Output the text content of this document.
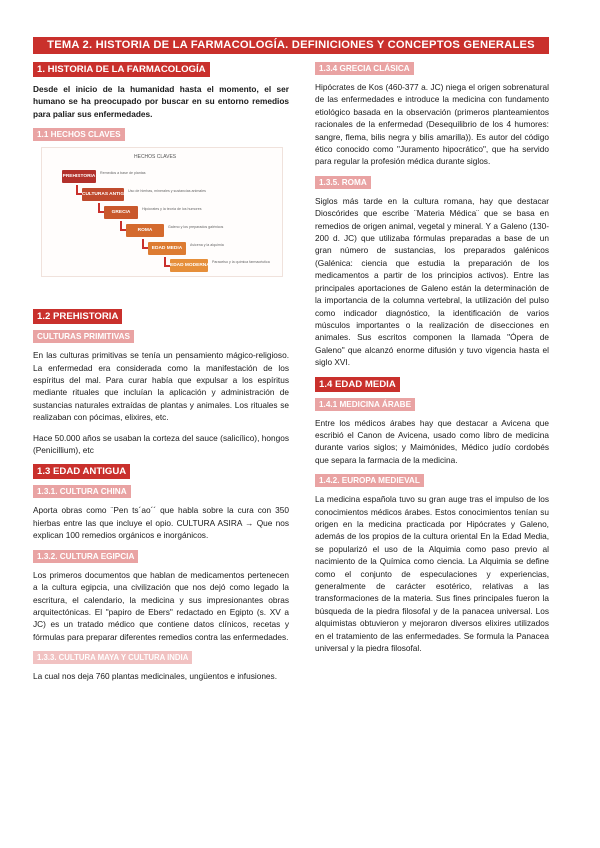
TEMA 2. HISTORIA DE LA FARMACOLOGÍA. DEFINICIONES Y CONCEPTOS GENERALES
1. HISTORIA DE LA FARMACOLOGÍA

Desde el inicio de la humanidad hasta el momento, el ser humano se ha preocupado por buscar en su entorno remedios para paliar sus enfermedades.

1.1 HECHOS CLAVES
HECHOS CLAVES
PREHISTORIA
Remedios a base de plantas
CULTURAS ANTIGUAS
Uso de hierbas, minerales y sustancias animales
GRECIA
Hipócrates y la teoría de los humores
ROMA
Galeno y los preparados galénicos
EDAD MEDIA
Avicena y la alquimia
EDAD MODERNA
Paracelso y la química farmacéutica
1.2 PREHISTORIA
CULTURAS PRIMITIVAS

En las culturas primitivas se tenía un pensamiento mágico-religioso. La enfermedad era considerada como la manifestación de los espíritus del mal. Para curar había que expulsar a los espíritus mediante rituales que incluían la aplicación y administración de sustancias naturales extraídas de plantas y animales. Los rituales se realizaban con pócimas, elixires, etc.

Hace 50.000 años se usaban la corteza del sauce (salicílico), hongos (Penicillium), etc

1.3 EDAD ANTIGUA
1.3.1. CULTURA CHINA

Aporta obras como ¨Pen ts´ao´´ que habla sobre la cura con 350 hierbas entre las que incluye el opio. CULTURA ASIRA → Que nos explican 100 remedios orgánicos e inorgánicos.

1.3.2. CULTURA EGIPCIA

Los primeros documentos que hablan de medicamentos pertenecen a la cultura egipcia, una civilización que nos dejó como legado la escritura, el calendario, la medicina y sus impresionantes obras arquitectónicas. El "papiro de Ebers" redactado en Egipto (s. XV a JC) es un tratado médico que contiene datos clínicos, recetas y fórmulas para preparar diferentes remedios contra las enfermedades.

1.3.3. CULTURA MAYA Y CULTURA INDIA

La cual nos deja 760 plantas medicinales, ungüentos e infusiones.

1.3.4 GRECIA CLÁSICA

Hipócrates de Kos (460-377 a. JC) niega el origen sobrenatural de las enfermedades e introduce la medicina con fundamento etiológico basada en la observación (primeros planteamientos racionales de la enfermedad (Desequilibrio de los 4 humores: sangre, flema, bilis negra y bilis amarilla)). Es autor del código ético conocido como "Juramento hipocrático", que ha servido para regular la profesión médica durante siglos.

1.3.5. ROMA

Siglos más tarde en la cultura romana, hay que destacar Dioscórides que escribe ¨Materia Médica¨ que se basa en remedios de origen animal, vegetal y mineral. Y a Galeno (130-200 d. JC) que utilizaba fórmulas preparadas a base de un gran número de sustancias, los preparados galénicos (Galénica: ciencia que estudia la preparación de los medicamentos a partir de los principios activos). Entre las principales aportaciones de Galeno están la determinación de la importancia de la columna vertebral, la utilización del pulso como indicador diagnóstico, la identificación de varios músculos importantes o la realización de disecciones en animales. Sus escritos componen la llamada "Ópera de Galeno" que alcanzó enorme difusión y tuvo vigencia hasta el siglo XVI.

1.4 EDAD MEDIA
1.4.1 MEDICINA ÁRABE

Entre los médicos árabes hay que destacar a Avicena que escribió el Canon de Avicena, usado como libro de medicina durante varios siglos; y Maimónides, Médico judío cordobés que separa la farmacia de la medicina.

1.4.2. EUROPA MEDIEVAL

La medicina española tuvo su gran auge tras el impulso de los conocimientos médicos árabes. Estos conocimientos tenían su origen en la medicina practicada por Hipócrates y Galeno, además de los propios de la cultura oriental En la Edad Media, se popularizó el uso de la Alquimia como paso previo al nacimiento de la Química como ciencia. La Alquimia se define como el conjunto de especulaciones y experiencias, generalmente de carácter esotérico, relativas a las transformaciones de la materia. Sus fines principales fueron la búsqueda de la piedra filosofal y de la panacea universal. Los alquimistas obtuvieron y mejoraron diversos elixires utilizados en el tratamiento de las enfermedades. Se formula la Panacea universal y la piedra filosofal.
